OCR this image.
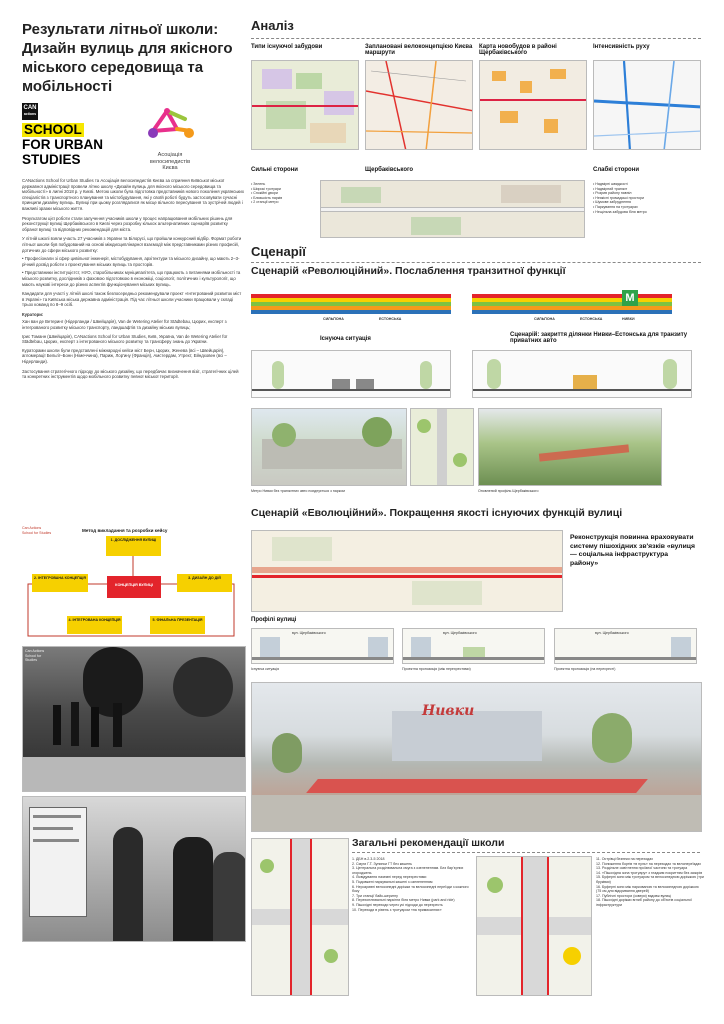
Результати літньої школи: Дизайн вулиць для якісного міського середовища та мобільності
CAN
actions
SCHOOL
FOR URBAN
STUDIES	Асоціація велосипедистів Києва

CANactions School for Urban Studies та Асоціація велосипедистів Києва за сприяння Київської міської державної адміністрації провели літню школу «Дизайн вулиць для якісного міського середовища та мобільності» в липні 2018 р. у Києві. Метою школи була підготовка представників нового покоління українських спеціалістів з транспортного планування та містобудування, які у своїй роботі будуть застосовувати сучасні принципи дизайну вулиць. Вулиці при цьому розглядалися як місце вільного пересування та зустрічей людей і важливі зразки міського життя.

Результатом цієї роботи стали залучення учасників школи у процес напрацювання мобільних рішень для реконструкції вулиці Щербаківського в Києві через розробку кількох альтернативних сценаріїв розвитку обраної вулиці та відповідних рекомендацій для міста.

У літній школі взяли участь 27 учасників з України та Білорусі, що пройшли конкурсний відбір. Формат роботи літньої школи був побудований на основі міждисциплінарної взаємодії між представниками різних професій, дотичних до сфери міського розвитку:

• Професіонали зі сфер цивільної інженерії, містобудування, архітектури та міського дизайну, що мають 2–3-річний досвід роботи з проектування міських вулиць та просторів.

• Представники інституцієтст, НУО, старобільниках муніципалітета, що працюють з питаннями мобільності та міського розвитку, дослідників з фаховою підготовкою в економіці, соціології, політичних і культурології, що мають наукові інтереси до різних аспектів функціонування міських вулиць.

Кандидати для участі у літній школі також безпосередньо рекомендували проект «Інтегрований розвиток міст в Україні» та Київська міська державна адміністрація. Під час літньої школи учасники працювали у складі трьох команд по 8–9 осіб.

Куратори:

Хан ван де Ветеринг (Нідерланди / Швейцарія), Van de Wetering Atelier für Städtebau, Цюрих, експерт з інтегрованого розвитку міського транспорту, ландшафтів та дизайну міських вулиць;

Ірис Томанн (Швейцарія), CANactions School for Urban Studies, Київ, Україна, Van de Wetering Atelier für Städtebau, Цюрих, експерт з інтегрованого міського розвитку та трансферу знань до України.

Кураторами школи були представлені міжнародні кейси міст Берн, Цюрих, Женева (всі – Швейцарія), агломерації Бельгії–Бонн (Німеччина), Париж, Лор'ину (Франція), Амстердам, Утрехт, Ейндховен (всі – Нідерланди).

Застосування стратегічного підходу до міського дизайну, що передбачає визначення візії, стратегічних цілей та конкретних інструментів щодо мобільного розвитку певної міської території.

Can Actions School for Studies	Метод викладання та розробки кейсу
1. ДОСЛІДЖЕННЯ ВУЛИЦІ
2. ІНТЕГРОВАНА КОНЦЕПЦІЯ	3. ДИЗАЙН ДО ДІЙ
КОНЦЕПЦІЯ ВУЛИЦІ
4. ІНТЕГРОВАНА КОНЦЕПЦІЯ	5. ФІНАЛЬНА ПРЕЗЕНТАЦІЯ
Can Actions School for Studies
Аналіз
Типи існуючої забудови	Заплановані велоконцепцією Києва маршрути
Карта новобудов в районі Щербаківського
Інтенсивність руху
Сильні сторони
• Зелень
• Широкі тротуари
• Спокійні двори
• Близькість парків
• 2 станції метро
Щербаківського	Слабкі сторони
• Надмірні швидкості
• Надмірний транзит
• Розрив району навпіл
• Неякісні громадські простори
• Шумове забруднення
• Паркування на тротуарах
• Нещільна забудова біля метро
Сценарії
Сценарій «Революційний». Послаблення транзитної функції
СИЛЬПОНА	ЕСТОНСЬКА
M
СИЛЬПОНА	ЕСТОНСЬКА	НИВКИ
Існуюча ситуація
Сценарій: закриття ділянки Нивки–Естонська для транзиту приватних авто
Метро Нивки без транзитних авто поєднується з парком	Оновлений профіль Щербаківського
Сценарій «Еволюційний». Покращення якості існуючих функцій вулиці
Реконструкція повинна враховувати систему пішохідних зв'язків «вулиця — соціальна інфраструктура району»
Профілі вулиці
вул. Щербаківського	вул. Щербаківського	вул. Щербаківського
Існуюча ситуація	Проектна пропозиція (між перехрестями)	Проектна пропозиція (на перехресті)
Нивки
Загальні рекомендації школи
1. ДБН в.2.3-5 2018
2. Смуги Г.Т. Зупинки ГТ без кишень
3. Центральна розділювальна смуга з озелененням. Без бар'єрних огороджень
4. Ліквідування наземні перед перехрестями
5. Подовжені паркувальні кишені з озелененням
6. Нерозривні велосипедні доріжки та велосипедні переїзди з кожного боку
7. Три станції байк-шерингу
8. Перехоплювальні паркінги біля метро Нивки (park and ride)
9. Пішохідні переходи через усі підходи до перехресть
10. Переходи в рівень з тротуаром «на примиканнях»
11. Острівці безпеки на переходах
12. Пониження бортів «в нуль» на переходах та велопереїздах
13. Роздільне освітлення проїзної частини та тротуара
14. «Пішохідна зона тротуару» з гладким покриттям без зазорів
15. Буферні зони між тротуаром та велосипедною доріжкою (три бруківки)
16. Буферні зони між паркованою та велосипедною доріжкою (75 см для відкривання дверей)
17. Публічні простори (сквери) вздовж вулиці
18. Пішохідні доріжки вглиб району до об'єктів соціальної інфраструктури
